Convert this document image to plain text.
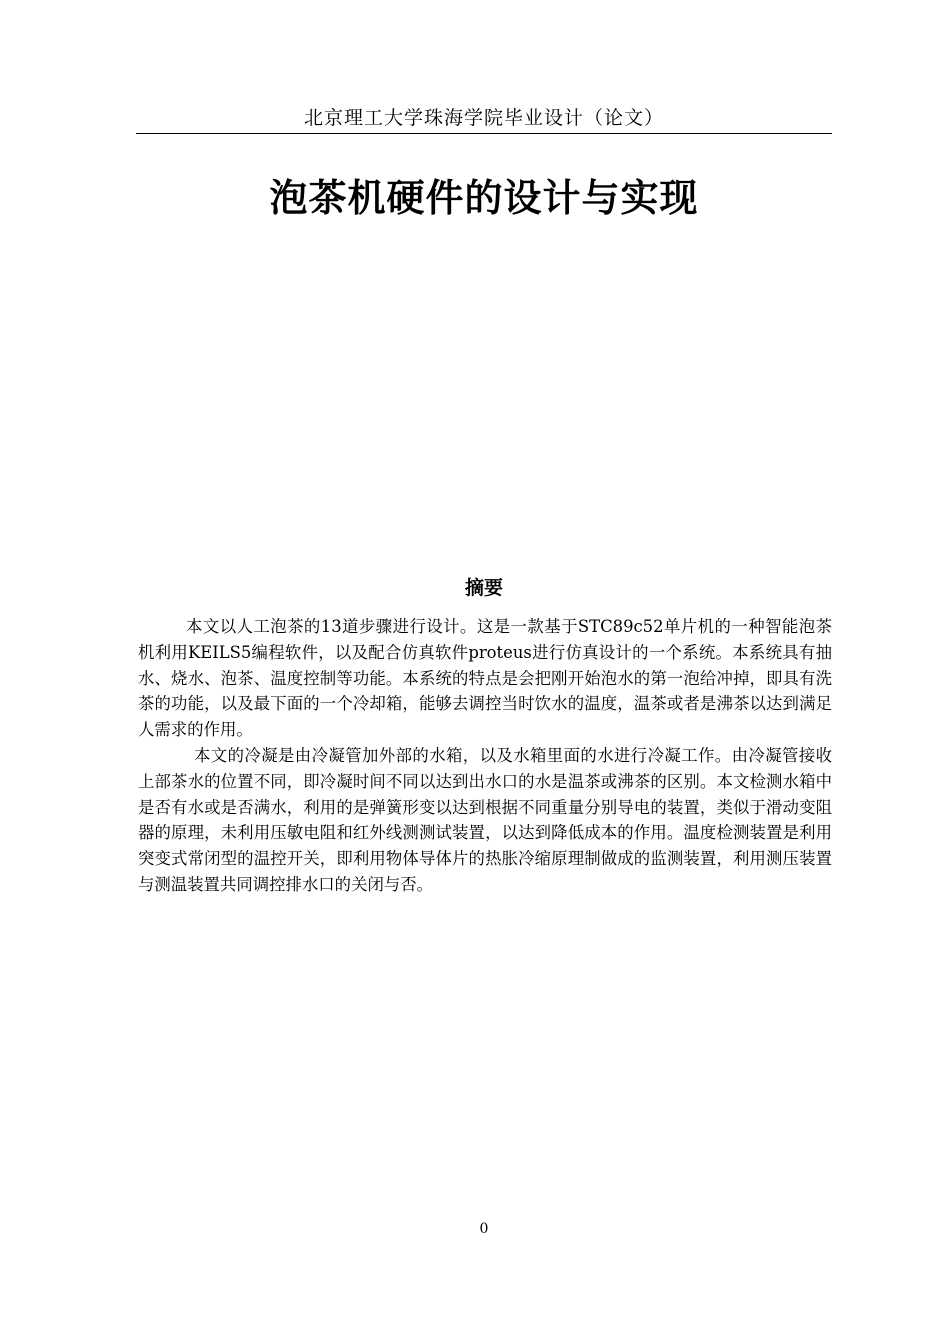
北京理工大学珠海学院毕业设计（论文）
泡茶机硬件的设计与实现
摘要

本文以人工泡茶的13道步骤进行设计。这是一款基于STC89c52单片机的一种智能泡茶机利用KEILS5编程软件，以及配合仿真软件proteus进行仿真设计的一个系统。本系统具有抽水、烧水、泡茶、温度控制等功能。本系统的特点是会把刚开始泡水的第一泡给冲掉，即具有洗茶的功能，以及最下面的一个冷却箱，能够去调控当时饮水的温度，温茶或者是沸茶以达到满足人需求的作用。

本文的冷凝是由冷凝管加外部的水箱，以及水箱里面的水进行冷凝工作。由冷凝管接收上部茶水的位置不同，即冷凝时间不同以达到出水口的水是温茶或沸茶的区别。本文检测水箱中是否有水或是否满水，利用的是弹簧形变以达到根据不同重量分别导电的装置，类似于滑动变阻器的原理，未利用压敏电阻和红外线测测试装置，以达到降低成本的作用。温度检测装置是利用突变式常闭型的温控开关，即利用物体导体片的热胀冷缩原理制做成的监测装置，利用测压装置与测温装置共同调控排水口的关闭与否。

0
